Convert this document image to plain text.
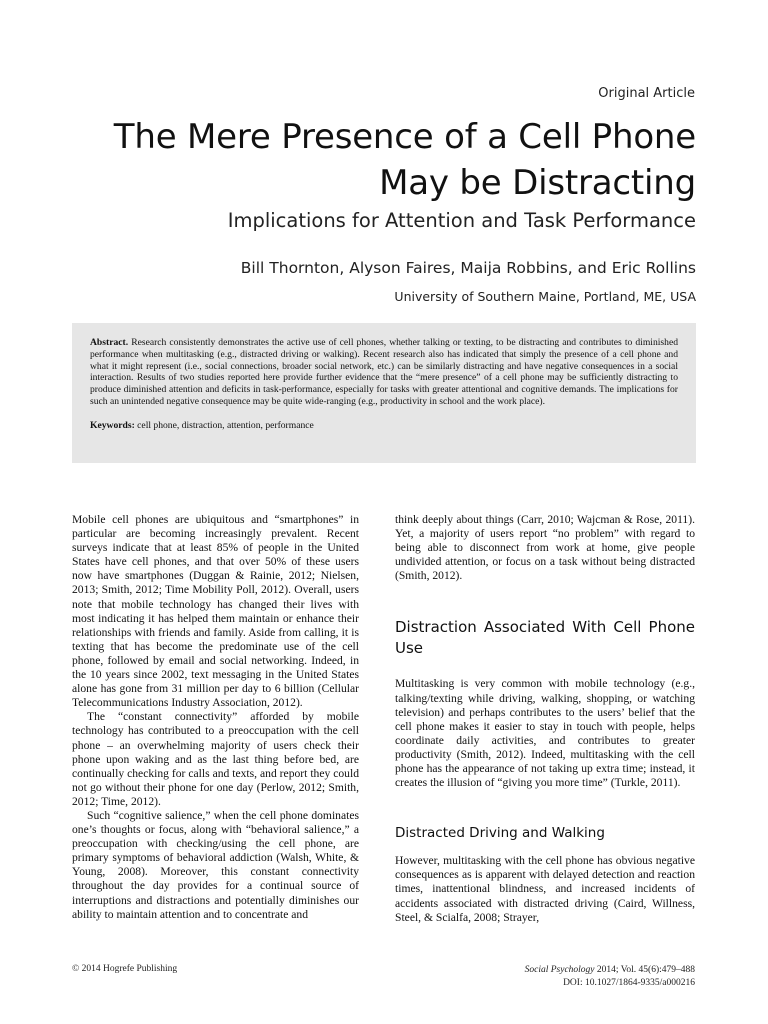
Original Article
The Mere Presence of a Cell Phone May be Distracting
Implications for Attention and Task Performance
Bill Thornton, Alyson Faires, Maija Robbins, and Eric Rollins
University of Southern Maine, Portland, ME, USA
Abstract. Research consistently demonstrates the active use of cell phones, whether talking or texting, to be distracting and contributes to diminished performance when multitasking (e.g., distracted driving or walking). Recent research also has indicated that simply the presence of a cell phone and what it might represent (i.e., social connections, broader social network, etc.) can be similarly distracting and have negative consequences in a social interaction. Results of two studies reported here provide further evidence that the “mere presence” of a cell phone may be sufficiently distracting to produce diminished attention and deficits in task-performance, especially for tasks with greater attentional and cognitive demands. The implications for such an unintended negative consequence may be quite wide-ranging (e.g., productivity in school and the work place).
Keywords: cell phone, distraction, attention, performance

Mobile cell phones are ubiquitous and “smartphones” in particular are becoming increasingly prevalent. Recent surveys indicate that at least 85% of people in the United States have cell phones, and that over 50% of these users now have smartphones (Duggan & Rainie, 2012; Nielsen, 2013; Smith, 2012; Time Mobility Poll, 2012). Overall, users note that mobile technology has changed their lives with most indicating it has helped them maintain or enhance their relationships with friends and family. Aside from calling, it is texting that has become the predominate use of the cell phone, followed by email and social networking. Indeed, in the 10 years since 2002, text messaging in the United States alone has gone from 31 million per day to 6 billion (Cellular Telecommunications Industry Association, 2012).

The “constant connectivity” afforded by mobile technology has contributed to a preoccupation with the cell phone – an overwhelming majority of users check their phone upon waking and as the last thing before bed, are continually checking for calls and texts, and report they could not go without their phone for one day (Perlow, 2012; Smith, 2012; Time, 2012).

Such “cognitive salience,” when the cell phone dominates one’s thoughts or focus, along with “behavioral salience,” a preoccupation with checking/using the cell phone, are primary symptoms of behavioral addiction (Walsh, White, & Young, 2008). Moreover, this constant connectivity throughout the day provides for a continual source of interruptions and distractions and potentially diminishes our ability to maintain attention and to concentrate and

think deeply about things (Carr, 2010; Wajcman & Rose, 2011). Yet, a majority of users report “no problem” with regard to being able to disconnect from work at home, give people undivided attention, or focus on a task without being distracted (Smith, 2012).

Distraction Associated With Cell Phone Use

Multitasking is very common with mobile technology (e.g., talking/texting while driving, walking, shopping, or watching television) and perhaps contributes to the users’ belief that the cell phone makes it easier to stay in touch with people, helps coordinate daily activities, and contributes to greater productivity (Smith, 2012). Indeed, multitasking with the cell phone has the appearance of not taking up extra time; instead, it creates the illusion of “giving you more time” (Turkle, 2011).

Distracted Driving and Walking

However, multitasking with the cell phone has obvious negative consequences as is apparent with delayed detection and reaction times, inattentional blindness, and increased incidents of accidents associated with distracted driving (Caird, Willness, Steel, & Scialfa, 2008; Strayer,

© 2014 Hogrefe Publishing	Social Psychology 2014; Vol. 45(6):479–488
DOI: 10.1027/1864-9335/a000216
